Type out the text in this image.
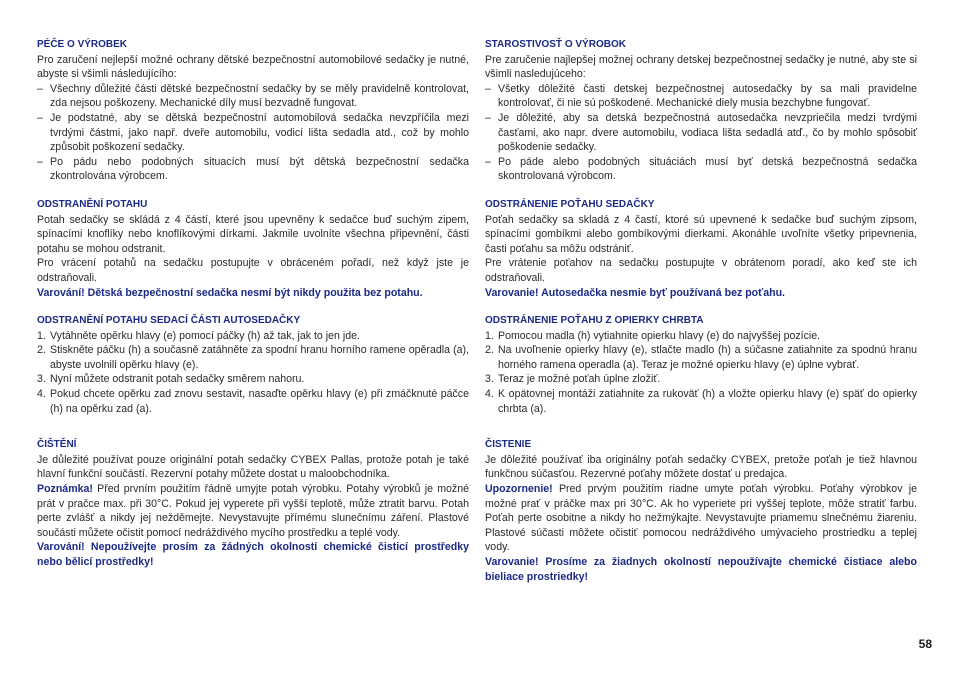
PÉČE O VÝROBEK

Pro zaručení nejlepší možné ochrany dětské bezpečnostní automobilové sedačky je nutné, abyste si všimli následujícího:

– Všechny důležité části dětské bezpečnostní sedačky by se měly pravidelně kontrolovat, zda nejsou poškozeny. Mechanické díly musí bezvadně fungovat.
– Je podstatné, aby se dětská bezpečnostní automobilová sedačka nevzpříčila mezi tvrdými částmi, jako např. dveře automobilu, vodicí lišta sedadla atd., což by mohlo způsobit poškození sedačky.
– Po pádu nebo podobných situacích musí být dětská bezpečnostní sedačka zkontrolována výrobcem.
ODSTRANĚNÍ POTAHU

Potah sedačky se skládá z 4 částí, které jsou upevněny k sedačce buď suchým zipem, spínacími knoflíky nebo knoflíkovými dírkami. Jakmile uvolníte všechna připevnění, části potahu se mohou odstranit.

Pro vrácení potahů na sedačku postupujte v obráceném pořadí, než když jste je odstraňovali.

Varování! Dětská bezpečnostní sedačka nesmí být nikdy použita bez potahu.

ODSTRANĚNÍ POTAHU SEDACÍ ČÁSTI AUTOSEDAČKY
1. Vytáhněte opěrku hlavy (e) pomocí páčky (h) až tak, jak to jen jde.
2. Stiskněte páčku (h) a současně zatáhněte za spodní hranu horního ramene opěradla (a), abyste uvolnili opěrku hlavy (e).
3. Nyní můžete odstranit potah sedačky směrem nahoru.
4. Pokud chcete opěrku zad znovu sestavit, nasaďte opěrku hlavy (e) při zmáčknuté páčce (h) na opěrku zad (a).
ČIŠTĚNÍ

Je důležité používat pouze originální potah sedačky CYBEX Pallas, protože potah je také hlavní funkční součástí. Rezervní potahy můžete dostat u maloobchodníka.

Poznámka! Před prvním použitím řádně umyjte potah výrobku. Potahy výrobků je možné prát v pračce max. při 30°C. Pokud jej vyperete při vyšší teplotě, může ztratit barvu. Potah perte zvlášť a nikdy jej nežděmejte. Nevystavujte přímému slunečnímu záření. Plastové součásti můžete očistit pomocí nedráždivého mycího prostředku a teplé vody.

Varování! Nepoužívejte prosím za žádných okolností chemické čisticí prostředky nebo bělicí prostředky!

STAROSTIVOSŤ O VÝROBOK

Pre zaručenie najlepšej možnej ochrany detskej bezpečnostnej sedačky je nutné, aby ste si všimli nasledujúceho:

– Všetky dôležité časti detskej bezpečnostnej autosedačky by sa mali pravidelne kontrolovať, či nie sú poškodené. Mechanické diely musia bezchybne fungovať.
– Je dôležité, aby sa detská bezpečnostná autosedačka nevzpriečila medzi tvrdými časťami, ako napr. dvere automobilu, vodiaca lišta sedadlá atď., čo by mohlo spôsobiť poškodenie sedačky.
– Po páde alebo podobných situáciách musí byť detská bezpečnostná sedačka skontrolovaná výrobcom.
ODSTRÁNENIE POŤAHU SEDAČKY

Poťah sedačky sa skladá z 4 častí, ktoré sú upevnené k sedačke buď suchým zipsom, spínacími gombíkmi alebo gombíkovými dierkami. Akonáhle uvoľníte všetky pripevnenia, časti poťahu sa môžu odstrániť.

Pre vrátenie poťahov na sedačku postupujte v obrátenom poradí, ako keď ste ich odstraňovali.

Varovanie! Autosedačka nesmie byť používaná bez poťahu.

ODSTRÁNENIE POŤAHU Z OPIERKY CHRBTA
1. Pomocou madla (h) vytiahnite opierku hlavy (e) do najvyššej pozície.
2. Na uvoľnenie opierky hlavy (e), stlačte madlo (h) a súčasne zatiahnite za spodnú hranu horného ramena operadla (a). Teraz je možné opierku hlavy (e) úplne vybrať.
3. Teraz je možné poťah úplne zložiť.
4. K opätovnej montáži zatiahnite za rukoväť (h) a vložte opierku hlavy (e) späť do opierky chrbta (a).
ČISTENIE

Je dôležité používať iba originálny poťah sedačky CYBEX, pretože poťah je tiež hlavnou funkčnou súčasťou. Rezervné poťahy môžete dostať u predajca.

Upozornenie! Pred prvým použitím riadne umyte poťah výrobku. Poťahy výrobkov je možné prať v práčke max pri 30°C. Ak ho vyperiete pri vyššej teplote, môže stratiť farbu. Poťah perte osobitne a nikdy ho nežmýkajte. Nevystavujte priamemu slnečnému žiareniu. Plastové súčasti môžete očistiť pomocou nedráždivého umývacieho prostriedku a teplej vody.

Varovanie! Prosíme za žiadnych okolností nepoužívajte chemické čistiace alebo bieliace prostriedky!

58
